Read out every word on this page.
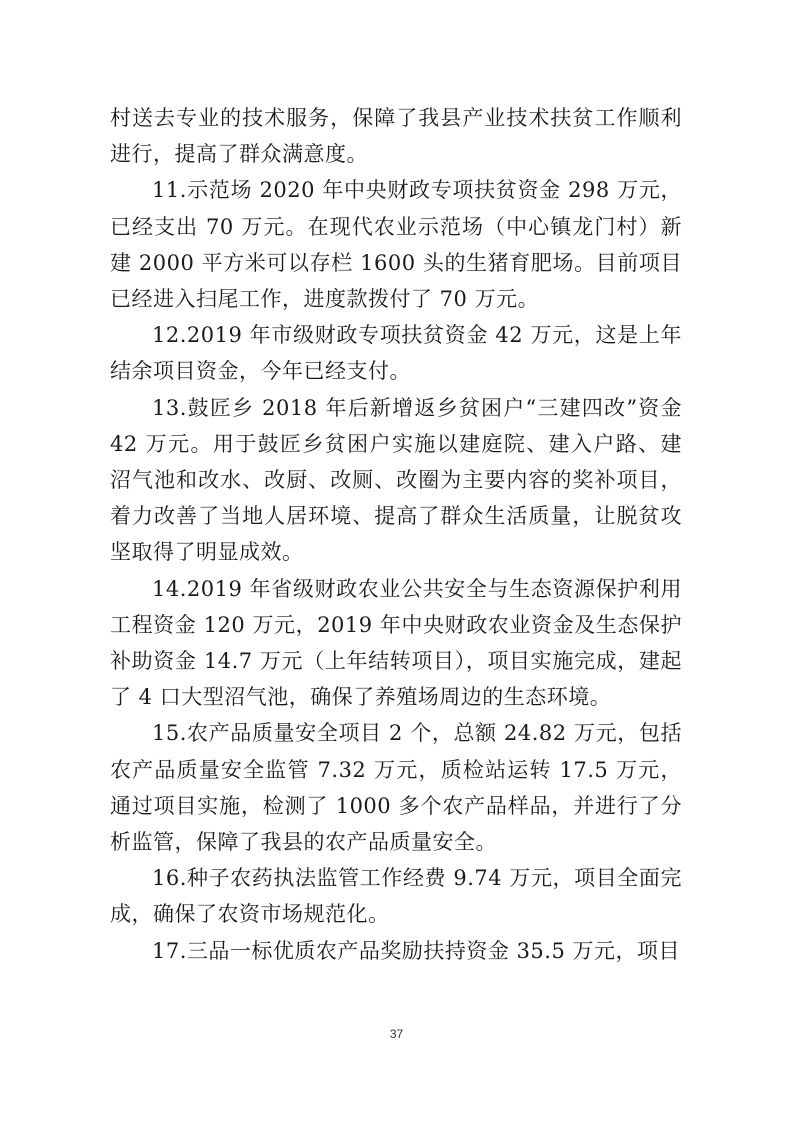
村送去专业的技术服务，保障了我县产业技术扶贫工作顺利进行，提高了群众满意度。

11.示范场 2020 年中央财政专项扶贫资金 298 万元，已经支出 70 万元。在现代农业示范场（中心镇龙门村）新建 2000 平方米可以存栏 1600 头的生猪育肥场。目前项目已经进入扫尾工作，进度款拨付了 70 万元。

12.2019 年市级财政专项扶贫资金 42 万元，这是上年结余项目资金，今年已经支付。

13.鼓匠乡 2018 年后新增返乡贫困户“三建四改”资金 42 万元。用于鼓匠乡贫困户实施以建庭院、建入户路、建沼气池和改水、改厨、改厕、改圈为主要内容的奖补项目，着力改善了当地人居环境、提高了群众生活质量，让脱贫攻坚取得了明显成效。

14.2019 年省级财政农业公共安全与生态资源保护利用工程资金 120 万元，2019 年中央财政农业资金及生态保护补助资金 14.7 万元（上年结转项目），项目实施完成，建起了 4 口大型沼气池，确保了养殖场周边的生态环境。

15.农产品质量安全项目 2 个，总额 24.82 万元，包括农产品质量安全监管 7.32 万元，质检站运转 17.5 万元，通过项目实施，检测了 1000 多个农产品样品，并进行了分析监管，保障了我县的农产品质量安全。

16.种子农药执法监管工作经费 9.74 万元，项目全面完成，确保了农资市场规范化。

17.三品一标优质农产品奖励扶持资金 35.5 万元，项目

37
